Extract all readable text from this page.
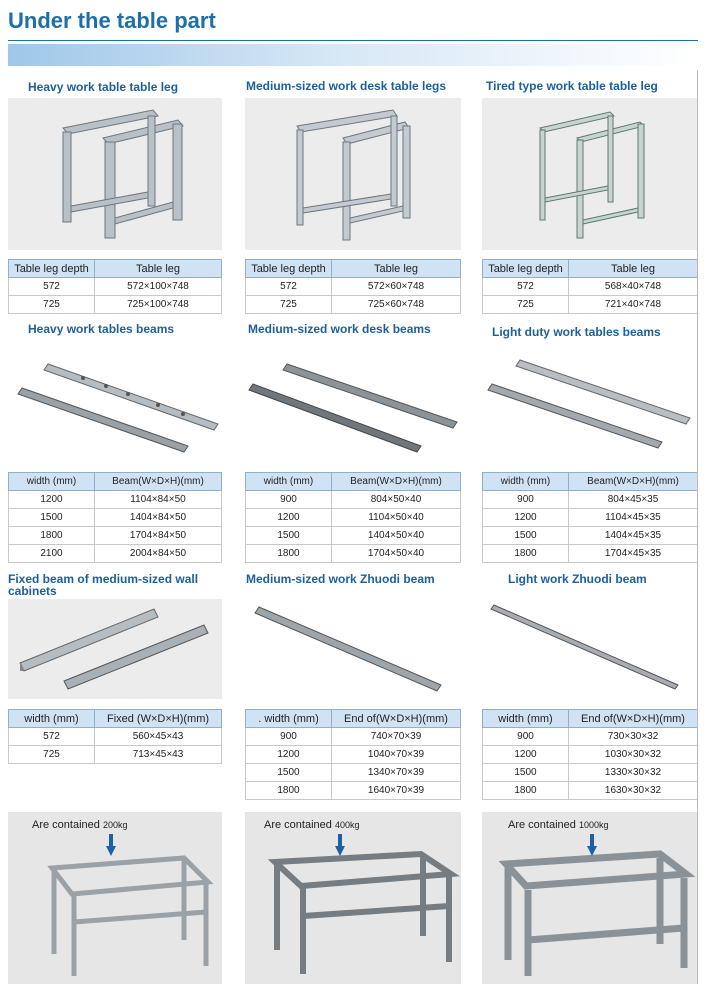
Under the table part
Heavy work table table leg	Medium-sized work desk table legs	Tired type work table table leg
Table leg depth	Table leg
572	572×100×748
725	725×100×748
Table leg depth	Table leg
572	572×60×748
725	725×60×748
Table leg depth	Table leg
572	568×40×748
725	721×40×748
Heavy work tables beams	Medium-sized work desk beams	Light duty work tables beams
width (mm)	Beam(W×D×H)(mm)
1200	1104×84×50
1500	1404×84×50
1800	1704×84×50
2100	2004×84×50
width (mm)	Beam(W×D×H)(mm)
900	804×50×40
1200	1104×50×40
1500	1404×50×40
1800	1704×50×40
width (mm)	Beam(W×D×H)(mm)
900	804×45×35
1200	1104×45×35
1500	1404×45×35
1800	1704×45×35
Fixed beam of medium-sized wall cabinets
Medium-sized work Zhuodi beam	Light work Zhuodi beam
width (mm)	Fixed (W×D×H)(mm)
572	560×45×43
725	713×45×43
. width (mm)	End of(W×D×H)(mm)
900	740×70×39
1200	1040×70×39
1500	1340×70×39
1800	1640×70×39
width (mm)	End of(W×D×H)(mm)
900	730×30×32
1200	1030×30×32
1500	1330×30×32
1800	1630×30×32
Are contained 200kg	Are contained 400kg	Are contained 1000kg
